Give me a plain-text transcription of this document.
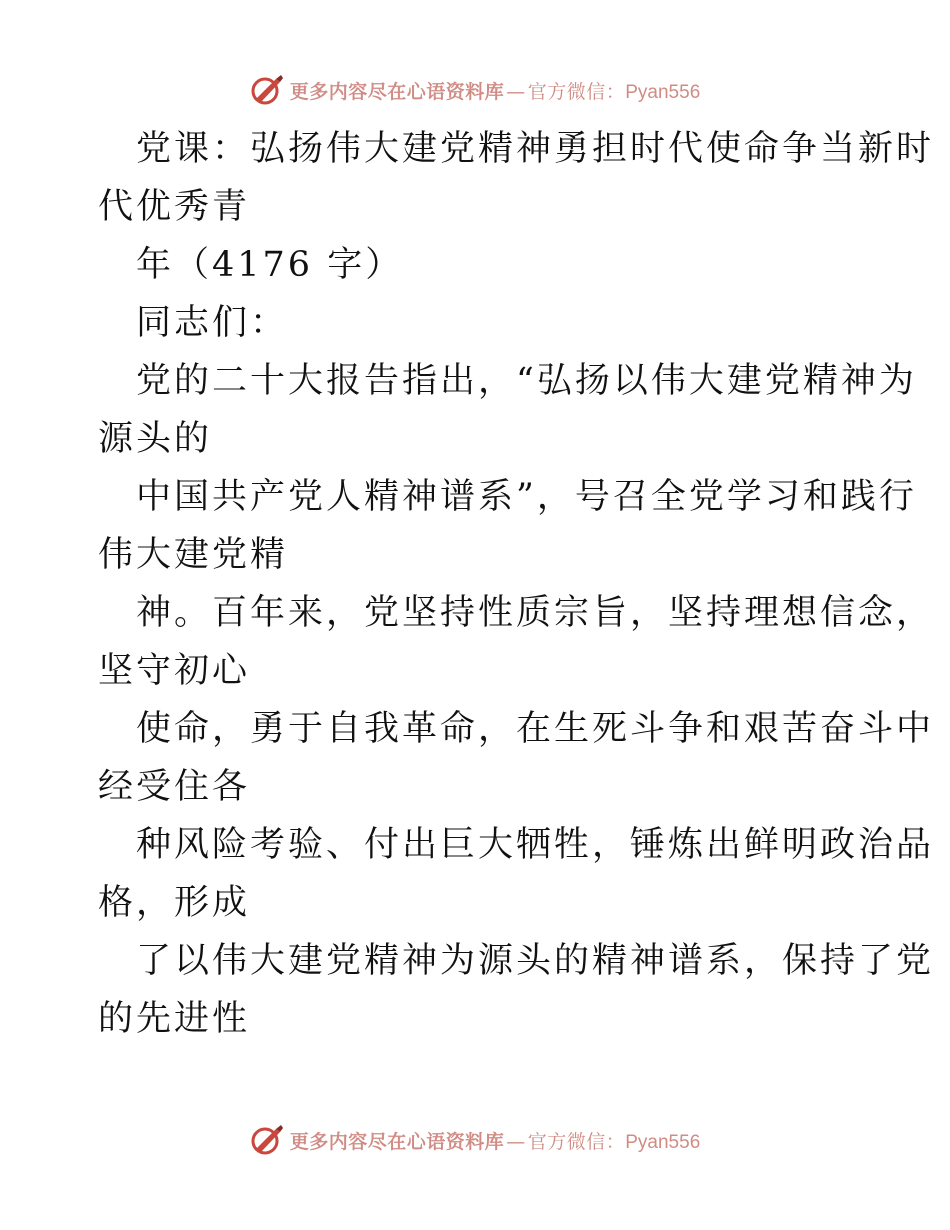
更多内容尽在心语资料库 — 官方微信：Pyan556
党课：弘扬伟大建党精神勇担时代使命争当新时
代优秀青
年（4176 字）
同志们：
党的二十大报告指出，“弘扬以伟大建党精神为
源头的
中国共产党人精神谱系”，号召全党学习和践行
伟大建党精
神。百年来，党坚持性质宗旨，坚持理想信念，
坚守初心
使命，勇于自我革命，在生死斗争和艰苦奋斗中
经受住各
种风险考验、付出巨大牺牲，锤炼出鲜明政治品
格，形成
了以伟大建党精神为源头的精神谱系，保持了党
的先进性
更多内容尽在心语资料库 — 官方微信：Pyan556
